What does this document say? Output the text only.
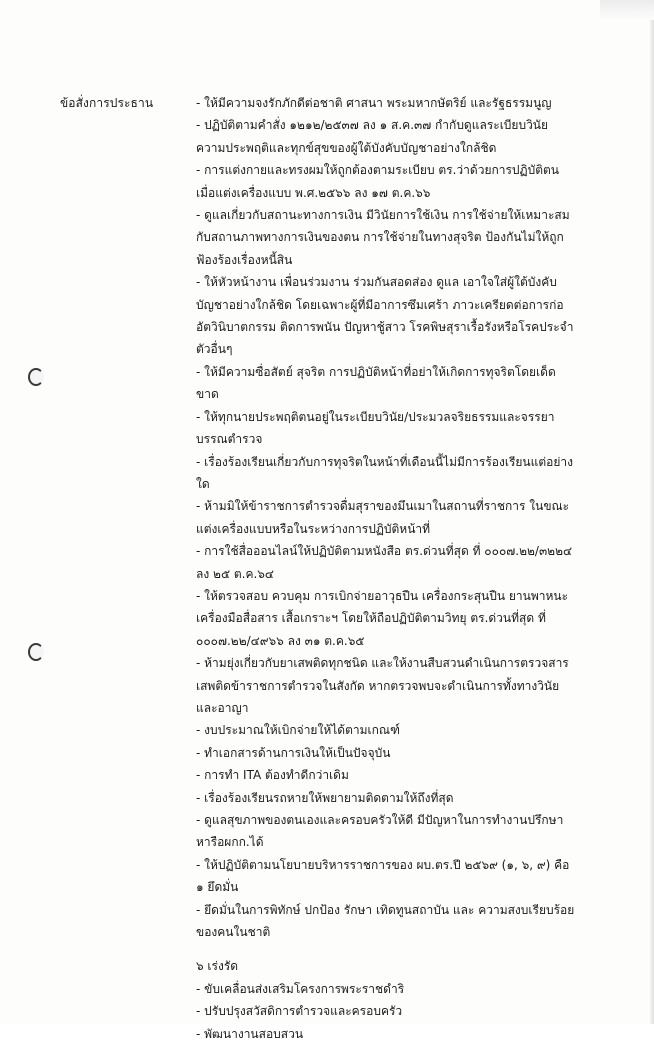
ข้อสั่งการประธาน	- ให้มีความจงรักภักดีต่อชาติ ศาสนา พระมหากษัตริย์ และรัฐธรรมนูญ

- ปฏิบัติตามคำสั่ง ๑๒๑๒/๒๕๓๗ ลง ๑ ส.ค.๓๗ กำกับดูแลระเบียบวินัย ความประพฤติและทุกข์สุขของผู้ใต้บังคับบัญชาอย่างใกล้ชิด

- การแต่งกายและทรงผมให้ถูกต้องตามระเบียบ ตร.ว่าด้วยการปฏิบัติตนเมื่อแต่งเครื่องแบบ พ.ศ.๒๕๖๖ ลง ๑๗ ต.ค.๖๖

- ดูแลเกี่ยวกับสถานะทางการเงิน มีวินัยการใช้เงิน การใช้จ่ายให้เหมาะสมกับสถานภาพทางการเงินของตน การใช้จ่ายในทางสุจริต ป้องกันไม่ให้ถูกฟ้องร้องเรื่องหนี้สิน

- ให้หัวหน้างาน เพื่อนร่วมงาน ร่วมกันสอดส่อง ดูแล เอาใจใส่ผู้ใต้บังคับบัญชาอย่างใกล้ชิด โดยเฉพาะผู้ที่มีอาการซึมเศร้า ภาวะเครียดต่อการก่ออัตวินิบาตกรรม ติดการพนัน ปัญหาชู้สาว โรคพิษสุราเรื้อรังหรือโรคประจำตัวอื่นๆ

- ให้มีความซื่อสัตย์ สุจริต การปฏิบัติหน้าที่อย่าให้เกิดการทุจริตโดยเด็ดขาด

- ให้ทุกนายประพฤติตนอยู่ในระเบียบวินัย/ประมวลจริยธรรมและจรรยาบรรณตำรวจ

- เรื่องร้องเรียนเกี่ยวกับการทุจริตในหน้าที่เดือนนี้ไม่มีการร้องเรียนแต่อย่างใด

- ห้ามมิให้ข้าราชการตำรวจดื่มสุราของมึนเมาในสถานที่ราชการ ในขณะแต่งเครื่องแบบหรือในระหว่างการปฏิบัติหน้าที่

- การใช้สื่อออนไลน์ให้ปฏิบัติตามหนังสือ ตร.ด่วนที่สุด ที่ ๐๐๐๗.๒๒/๓๒๒๔ ลง ๒๕ ต.ค.๖๔

- ให้ตรวจสอบ ควบคุม การเบิกจ่ายอาวุธปืน เครื่องกระสุนปืน ยานพาหนะ เครื่องมือสื่อสาร เสื้อเกราะฯ โดยให้ถือปฏิบัติตามวิทยุ ตร.ด่วนที่สุด ที่ ๐๐๐๗.๒๒/๔๙๖๖ ลง ๓๑ ต.ค.๖๕

- ห้ามยุ่งเกี่ยวกับยาเสพติดทุกชนิด และให้งานสืบสวนดำเนินการตรวจสารเสพติดข้าราชการตำรวจในสังกัด หากตรวจพบจะดำเนินการทั้งทางวินัยและอาญา

- งบประมาณให้เบิกจ่ายให้ได้ตามเกณฑ์

- ทำเอกสารด้านการเงินให้เป็นปัจจุบัน

- การทำ ITA ต้องทำดีกว่าเดิม

- เรื่องร้องเรียนรถหายให้พยายามติดตามให้ถึงที่สุด

- ดูแลสุขภาพของตนเองและครอบครัวให้ดี มีปัญหาในการทำงานปรึกษาหารือผกก.ได้

- ให้ปฏิบัติตามนโยบายบริหารราชการของ ผบ.ตร.ปี ๒๕๖๙ (๑, ๖, ๙) คือ

๑ ยึดมั่น

- ยึดมั่นในการพิทักษ์ ปกป้อง รักษา เทิดทูนสถาบัน และ ความสงบเรียบร้อยของคนในชาติ

๖ เร่งรัด

- ขับเคลื่อนส่งเสริมโครงการพระราชดำริ

- ปรับปรุงสวัสดิการตำรวจและครอบครัว

- พัฒนางานสอบสวน
